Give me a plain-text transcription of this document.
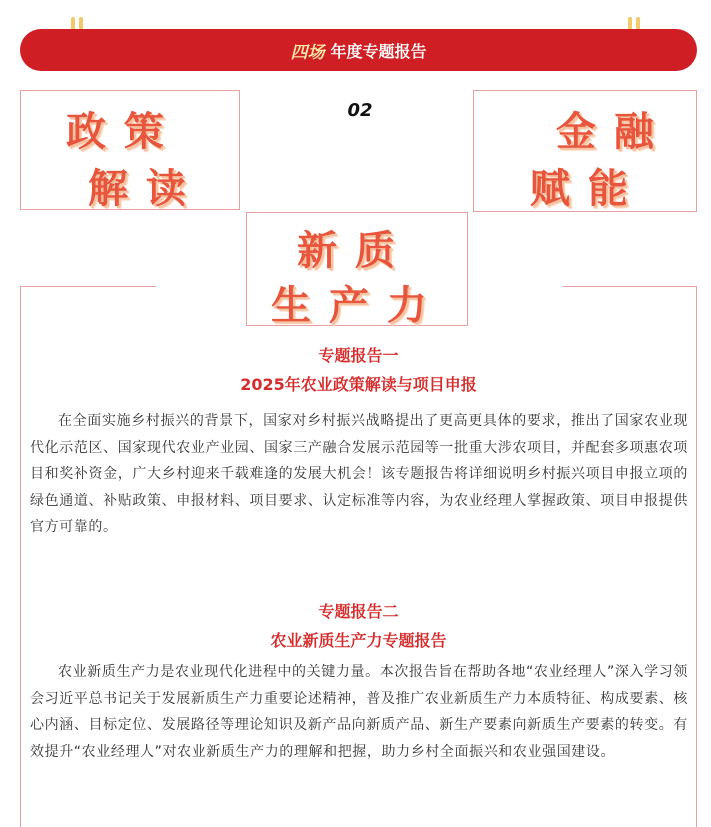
四场 年度专题报告
政 策
解 读
02	金 融
赋 能
新 质
生 产 力
专题报告一
2025年农业政策解读与项目申报
在全面实施乡村振兴的背景下，国家对乡村振兴战略提出了更高更具体的要求，推出了国家农业现代化示范区、国家现代农业产业园、国家三产融合发展示范园等一批重大涉农项目，并配套多项惠农项目和奖补资金，广大乡村迎来千载难逢的发展大机会！该专题报告将详细说明乡村振兴项目申报立项的绿色通道、补贴政策、申报材料、项目要求、认定标准等内容，为农业经理人掌握政策、项目申报提供官方可靠的。
专题报告二
农业新质生产力专题报告
农业新质生产力是农业现代化进程中的关键力量。本次报告旨在帮助各地“农业经理人”深入学习领会习近平总书记关于发展新质生产力重要论述精神，普及推广农业新质生产力本质特征、构成要素、核心内涵、目标定位、发展路径等理论知识及新产品向新质产品、新生产要素向新质生产要素的转变。有效提升“农业经理人”对农业新质生产力的理解和把握，助力乡村全面振兴和农业强国建设。
